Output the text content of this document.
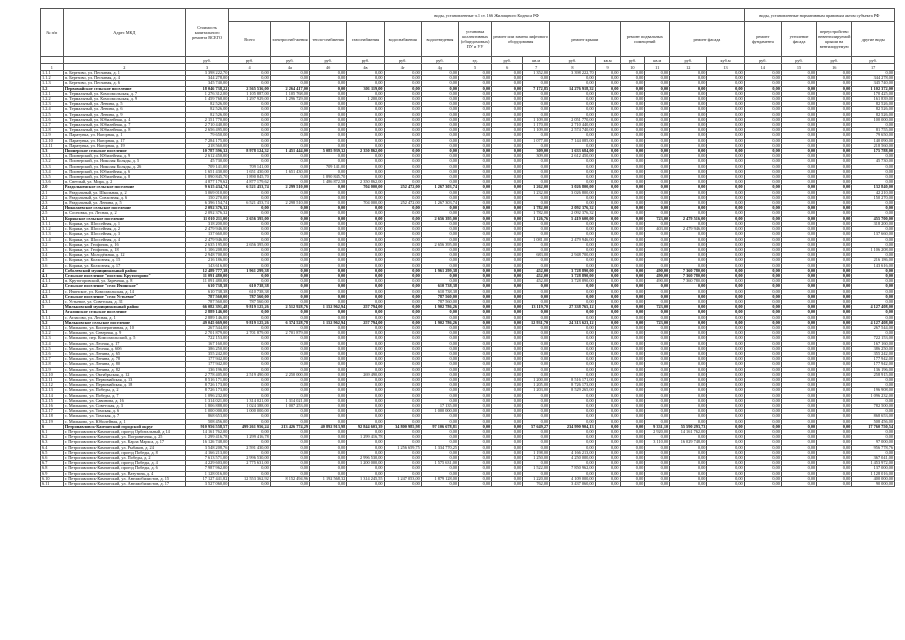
№ п/п	Адрес МКД	Стоимость капитального ремонта ВСЕГО	виды, установленные ч.1 ст. 166 Жилищного Кодекса РФ															виды, установленные нормативным правовым актом субъекта РФ			
			Всего	электроснаб-жения	тепло-снабжения	газоснабжения	водоснабжения	водоотведения	установка коллективных (общедомовых) ПУ и УУ	ремонт или замена лифтового оборудования		ремонт крыши		ремонт подвальных помещений		ремонт фасада		ремонт фундамента	утепление фасада	переустройство невентилируемой крыши на вентилируемую	другие виды
		руб.	руб.	руб.	руб.	руб.	руб.	руб.	ед.	руб.	кв.м	руб.	кв.м	руб.	кв.м	руб.	куб.м	руб.	руб.	руб.	руб.
1	2	3	4	4a	4б	4в	4г	4д	5	6	7	8	9	10	11	12	13	14	15	16	17
1.1.1	п. Березово, ул. Песчаная, д. 1	3 398 222,70	0,00	0,00	0,00	0,00	0,00	0,00	0,00	0,00	1 352,00	3 398 222,70	0,00	0,00	0,00	0,00	0,00	0,00	0,00	0,00	0,00
1.1.2	п. Березово, ул. Песчаная, д. 4	344 278,00	0,00	0,00	0,00	0,00	0,00	0,00	0,00	0,00	0,00	0,00	0,00	0,00	0,00	0,00	0,00	0,00	0,00	0,00	344 278,00
1.1.3	п. Березово, ул. Песчаная, д. 6	345 740,00	0,00	0,00	0,00	0,00	0,00	0,00	0,00	0,00	0,00	0,00	0,00	0,00	0,00	0,00	0,00	0,00	0,00	0,00	345 740,00
1.2	Первомайское сельское поселение	18 046 738,22	2 565 536,00	2 264 417,00	0,00	301 119,00	0,00	0,00	0,00	0,00	7 172,85	14 276 918,32	0,00	0,00	0,00	0,00	0,00	0,00	0,00	0,00	1 102 372,00
1.2.1	п. Термальный, ул. Комсомольская, д. 7	1 276 312,00	1 105 887,00	1 105 768,00	0,00	0,00	0,00	0,00	0,00	0,00	0,00	0,00	0,00	0,00	0,00	0,00	0,00	0,00	0,00	0,00	170 425,00
1.2.2	п. Термальный, ул. Комсомольская, д. 9	1 459 768,00	1 297 929,00	1 296 729,00	0,00	1 200,00	0,00	0,00	0,00	0,00	0,00	0,00	0,00	0,00	0,00	0,00	0,00	0,00	0,00	0,00	161 839,00
1.2.3	п. Термальный, ул. Ленина, д. 5	82 526,00	0,00	0,00	0,00	0,00	0,00	0,00	0,00	0,00	0,00	0,00	0,00	0,00	0,00	0,00	0,00	0,00	0,00	0,00	82 526,00
1.2.4	п. Термальный, ул. Ленина, д. 6	82 526,00	0,00	0,00	0,00	0,00	0,00	0,00	0,00	0,00	0,00	0,00	0,00	0,00	0,00	0,00	0,00	0,00	0,00	0,00	82 526,00
1.2.5	п. Термальный, ул. Ленина, д. 9	82 526,00	0,00	0,00	0,00	0,00	0,00	0,00	0,00	0,00	0,00	0,00	0,00	0,00	0,00	0,00	0,00	0,00	0,00	0,00	82 526,00
1.2.6	п. Термальный, ул. Юбилейная, д. 4	2 151 770,00	0,00	0,00	0,00	0,00	0,00	0,00	0,00	0,00	1 109,00	2 051 770,00	0,00	0,00	0,00	0,00	0,00	0,00	0,00	0,00	100 000,00
1.2.7	п. Термальный, ул. Юбилейная, д. 7	2 710 440,00	0,00	0,00	0,00	0,00	0,00	0,00	0,00	0,00	1 170,00	2 710 440,00	0,00	0,00	0,00	0,00	0,00	0,00	0,00	0,00	0,00
1.2.8	п. Термальный, ул. Юбилейная, д. 8	2 656 495,00	0,00	0,00	0,00	0,00	0,00	0,00	0,00	0,00	1 109,00	2 574 740,00	0,00	0,00	0,00	0,00	0,00	0,00	0,00	0,00	81 755,00
1.2.9	п. Паратунка, ул. Нагорная, д. 1	79 650,00	0,00	0,00	0,00	0,00	0,00	0,00	0,00	0,00	0,00	0,00	0,00	0,00	0,00	0,00	0,00	0,00	0,00	0,00	79 650,00
1.2.10	п. Паратунка, ул. Нагорная, д. 17	7 284 175,00	0,00	0,00	0,00	0,00	0,00	0,00	0,00	0,00	1 077,00	7 144 085,00	0,00	0,00	0,00	0,00	0,00	0,00	0,00	0,00	140 090,00
1.2.11	п. Паратунка, ул. Нагорная, д. 19	218 560,00	0,00	0,00	0,00	0,00	0,00	0,00	0,00	0,00	0,00	0,00	0,00	0,00	0,00	0,00	0,00	0,00	0,00	0,00	218 560,00
1.3	Пионерское сельское поселение	10 787 596,32	8 978 124,32	1 451 444,00	5 085 939,32	2 350 862,00	0,00	0,00	0,00	0,00	309,00	1 633 684,00	0,00	0,00	0,00	0,00	0,00	0,00	0,00	0,00	175 788,00
1.3.1	п. Пионерский, ул. Юбилейная, д. 9	2 612 450,00	0,00	0,00	0,00	0,00	0,00	0,00	0,00	0,00	309,00	2 612 450,00	0,00	0,00	0,00	0,00	0,00	0,00	0,00	0,00	0,00
1.3.2	п. Пионерский, ул. Николая Коляды, д. 5	45 730,00	0,00	0,00	0,00	0,00	0,00	0,00	0,00	0,00	0,00	0,00	0,00	0,00	0,00	0,00	0,00	0,00	0,00	0,00	45 730,00
1.3.3	п. Пионерский, ул. Николая Коляды, д. 26	709 141,00	709 141,00	0,00	709 141,00	0,00	0,00	0,00	0,00	0,00	0,00	0,00	0,00	0,00	0,00	0,00	0,00	0,00	0,00	0,00	0,00
1.3.4	п. Пионерский, ул. Юбилейная, д. 6	1 651 430,00	1 651 430,00	1 651 430,00	0,00	0,00	0,00	0,00	0,00	0,00	0,00	0,00	0,00	0,00	0,00	0,00	0,00	0,00	0,00	0,00	0,00
1.3.5	п. Пионерский, ул. Юбилейная, д. 8	1 890 845,70	1 890 845,70	0,00	1 890 845,70	0,00	0,00	0,00	0,00	0,00	0,00	0,00	0,00	0,00	0,00	0,00	0,00	0,00	0,00	0,00	0,00
1.3.6	п. Светлый, ул. Мира, д. 2	4 877 179,62	4 877 179,62	0,00	1 486 872,58	2 350 862,00	0,00	0,00	0,00	0,00	0,00	0,00	0,00	0,00	0,00	0,00	0,00	0,00	0,00	0,00	0,00
2.0	Раздольненское сельское поселение	9 615 434,74	6 521 453,74	2 299 510,00	0,00	704 000,00	252 472,00	1 267 303,74	0,00	0,00	1 262,00	3 026 800,00	0,00	0,00	0,00	0,00	0,00	0,00	0,00	0,00	132 840,00
2.1	п. Раздольный, ул. Школьная, д. 2	3 069 010,00	0,00	0,00	0,00	0,00	0,00	0,00	0,00	0,00	1 232,00	3 026 800,00	0,00	0,00	0,00	0,00	0,00	0,00	0,00	0,00	42 210,00
2.2	п. Раздольный, ул. Совхозная, д. 6	150 270,00	0,00	0,00	0,00	0,00	0,00	0,00	0,00	0,00	0,00	0,00	0,00	0,00	0,00	0,00	0,00	0,00	0,00	0,00	150 270,00
2.3	п. Раздольный, ул. Ленина, д. 5	6 396 154,74	6 521 453,74	2 298 510,00	0,00	704 000,00	252 472,00	1 267 303,74	0,00	0,00	0,00	0,00	0,00	0,00	0,00	0,00	0,00	0,00	0,00	0,00	0,00
2.4	Николаевское сельское поселение	2 092 376,32	0,00	0,00	0,00	0,00	0,00	0,00	0,00	0,00	1 782,00	2 092 376,32	0,00	0,00	0,00	0,00	0,00	0,00	0,00	0,00	0,00
2.5	п. Сосновка, ул. Лесная, д. 2	2 092 376,32	0,00	0,00	0,00	0,00	0,00	0,00	0,00	0,00	1 782,00	2 092 376,32	0,00	0,00	0,00	0,00	0,00	0,00	0,00	0,00	0,00
3.1	Корякское сельское поселение	11 010 211,00	2 656 395,00	0,00	0,00	0,00	0,00	2 656 395,00	0,00	0,00	1 126,76	5 419 600,00	0,00	0,00	723,00	2 479 516,00	0,00	0,00	0,00	0,00	455 700,00
3.1.1	с. Коряки, ул. Шоссейная, д. 1	318 200,00	0,00	0,00	0,00	0,00	0,00	0,00	0,00	0,00	0,00	0,00	0,00	0,00	0,00	0,00	0,00	0,00	0,00	0,00	318 200,00
3.1.2	с. Коряки, ул. Шоссейная, д. 2	2 479 946,00	0,00	0,00	0,00	0,00	0,00	0,00	0,00	0,00	0,00	0,00	0,00	0,00	403,00	2 479 946,00	0,00	0,00	0,00	0,00	0,00
3.1.3	с. Коряки, ул. Шоссейная, д. 3	137 660,00	0,00	0,00	0,00	0,00	0,00	0,00	0,00	0,00	0,00	0,00	0,00	0,00	0,00	0,00	0,00	0,00	0,00	0,00	137 660,00
3.1.4	с. Коряки, ул. Шоссейная, д. 4	2 479 946,00	0,00	0,00	0,00	0,00	0,00	0,00	0,00	0,00	1 081,00	2 479 946,00	0,00	0,00	0,00	0,00	0,00	0,00	0,00	0,00	0,00
3.2	с. Коряки, ул. Геофизик, д. 16	2 635 195,00	2 656 395,00	0,00	0,00	0,00	0,00	2 656 395,00	0,00	0,00	0,00	0,00	0,00	0,00	0,00	0,00	0,00	0,00	0,00	0,00	0,00
3.3	с. Коряки, ул. Геофизик, д. 18	1 106 208,00	0,00	0,00	0,00	0,00	0,00	0,00	0,00	0,00	0,00	0,00	0,00	0,00	0,00	0,00	0,00	0,00	0,00	0,00	1 106 208,00
3.4	с. Коряки, ул. Молодёжная, д. 12	2 948 700,00	0,00	0,00	0,00	0,00	0,00	0,00	0,00	0,00	683,00	2 948 700,00	0,00	0,00	0,00	0,00	0,00	0,00	0,00	0,00	0,00
3.5	с. Коряки, ул. Колхозная, д. 15	216 186,00	0,00	0,00	0,00	0,00	0,00	0,00	0,00	0,00	0,00	0,00	0,00	0,00	0,00	0,00	0,00	0,00	0,00	0,00	216 186,00
3.6	с. Коряки, ул. Колхозная, д. 17	143 616,00	0,00	0,00	0,00	0,00	0,00	0,00	0,00	0,00	0,00	0,00	0,00	0,00	0,00	0,00	0,00	0,00	0,00	0,00	143 616,00
4	Соболевский муниципальный район	12 489 777,38	1 961 299,38	0,00	0,00	0,00	0,00	1 961 299,38	0,00	0,00	452,00	3 728 890,00	0,00	0,00	490,00	7 360 780,00	0,00	0,00	0,00	0,00	0,00
4.1	Сельское поселение "поселок Крутогорово"	11 091 480,00	0,00	0,00	0,00	0,00	0,00	0,00	0,00	0,00	452,00	3 728 890,00	0,00	0,00	490,00	7 360 780,00	0,00	0,00	0,00	0,00	0,00
4.1.1	п. Крутогоровский, ул. Заречная, д. 8	11 091 480,00	0,00	0,00	0,00	0,00	0,00	0,00	0,00	0,00	452,00	3 728 890,00	0,00	0,00	490,00	7 360 780,00	0,00	0,00	0,00	0,00	0,00
4.2	Сельское поселение "село Ичинское"	610 738,38	610 738,38	0,00	0,00	0,00	0,00	610 738,38	0,00	0,00	0,00	0,00	0,00	0,00	0,00	0,00	0,00	0,00	0,00	0,00	0,00
4.2.1	с. Ичинское, ул. Комсомольская, д. 14	610 738,38	610 738,38	0,00	0,00	0,00	0,00	610 738,38	0,00	0,00	0,00	0,00	0,00	0,00	0,00	0,00	0,00	0,00	0,00	0,00	0,00
4.3	Сельское поселение "село Устьевое"	787 560,00	787 560,00	0,00	0,00	0,00	0,00	787 560,00	0,00	0,00	0,00	0,00	0,00	0,00	0,00	0,00	0,00	0,00	0,00	0,00	0,00
4.3.1	с. Устьевое, ул. Советская, д. 31	787 560,00	787 560,00	0,00	0,00	0,00	0,00	787 560,00	0,00	0,00	0,00	0,00	0,00	0,00	0,00	0,00	0,00	0,00	0,00	0,00	0,00
5	Мильковский муниципальный район	66 082 391,48	9 819 125,26	2 512 928,76	1 152 962,94	257 794,00	0,00	1 902 786,26	0,00	0,00	13 119,70	27 338 765,12	0,00	0,00	723,00	0,00	0,00	0,00	0,00	0,00	4 127 408,00
5.1	Аталинское сельское поселение	2 889 146,00	0,00	0,00	0,00	0,00	0,00	0,00	0,00	0,00	0,00	0,00	0,00	0,00	0,00	0,00	0,00	0,00	0,00	0,00	0,00
5.1.1	с. Атласово, ул. Лесная, д. 1	2 889 146,00	0,00	0,00	0,00	0,00	0,00	0,00	0,00	0,00	0,00	0,00	0,00	0,00	0,00	0,00	0,00	0,00	0,00	0,00	0,00
5.2	Мильковское сельское поселение	49 045 669,00	9 819 125,26	6 374 528,78	1 152 962,94	257 794,00	0,00	1 902 786,26	0,00	0,00	12 931,70	24 313 623,12	0,00	0,00	723,00	0,00	0,00	0,00	0,00	0,00	4 127 408,00
5.2.1	с. Мильково, ул. Кооперативная, д. 10	267 544,00	0,00	0,00	0,00	0,00	0,00	0,00	0,00	0,00	0,00	0,00	0,00	0,00	0,00	0,00	0,00	0,00	0,00	0,00	267 544,00
5.2.2	с. Мильково, ул. Северная, д. 9	2 701 879,00	2 701 879,00	2 701 879,00	0,00	0,00	0,00	0,00	0,00	0,00	0,00	0,00	0,00	0,00	0,00	0,00	0,00	0,00	0,00	0,00	0,00
5.2.3	с. Мильково, пер. Комсомольский, д. 5	722 153,00	0,00	0,00	0,00	0,00	0,00	0,00	0,00	0,00	0,00	0,00	0,00	0,00	0,00	0,00	0,00	0,00	0,00	0,00	722 153,00
5.2.4	с. Мильково, ул. Лесная, д. 17	167 160,00	0,00	0,00	0,00	0,00	0,00	0,00	0,00	0,00	0,00	0,00	0,00	0,00	0,00	0,00	0,00	0,00	0,00	0,00	167 160,00
5.2.5	с. Мильково, ул. Лесная, д. 60б	386 250,00	0,00	0,00	0,00	0,00	0,00	0,00	0,00	0,00	0,00	0,00	0,00	0,00	0,00	0,00	0,00	0,00	0,00	0,00	386 250,00
5.2.6	с. Мильково, ул. Ленина, д. 65	355 242,00	0,00	0,00	0,00	0,00	0,00	0,00	0,00	0,00	0,00	0,00	0,00	0,00	0,00	0,00	0,00	0,00	0,00	0,00	355 242,00
5.2.7	с. Мильково, ул. Ленина, д. 78	177 942,00	0,00	0,00	0,00	0,00	0,00	0,00	0,00	0,00	0,00	0,00	0,00	0,00	0,00	0,00	0,00	0,00	0,00	0,00	177 942,00
5.2.8	с. Мильково, ул. Ленина, д. 80	177 942,00	0,00	0,00	0,00	0,00	0,00	0,00	0,00	0,00	0,00	0,00	0,00	0,00	0,00	0,00	0,00	0,00	0,00	0,00	177 942,00
5.2.9	с. Мильково, ул. Ленина, д. 82	136 196,00	0,00	0,00	0,00	0,00	0,00	0,00	0,00	0,00	0,00	0,00	0,00	0,00	0,00	0,00	0,00	0,00	0,00	0,00	136 196,00
5.2.10	с. Мильково, ул. Октябрьская, д. 12	2 778 405,00	2 519 490,00	2 250 000,00	0,00	269 490,00	0,00	0,00	0,00	0,00	0,00	0,00	0,00	0,00	0,00	0,00	0,00	0,00	0,00	0,00	258 915,00
5.2.11	с. Мильково, ул. Первомайская, д. 13	8 516 171,00	0,00	0,00	0,00	0,00	0,00	0,00	0,00	0,00	1 200,00	8 516 171,00	0,00	0,00	0,00	0,00	0,00	0,00	0,00	0,00	0,00
5.2.12	с. Мильково, ул. Первомайская, д. 18	8 726 173,00	0,00	0,00	0,00	0,00	0,00	0,00	0,00	0,00	1 205,00	8 726 173,00	0,00	0,00	0,00	0,00	0,00	0,00	0,00	0,00	0,00
5.2.13	с. Мильково, ул. Победы, д. 2	8 726 173,00	0,00	0,00	0,00	0,00	0,00	0,00	0,00	0,00	1 203,00	8 529 265,00	0,00	0,00	0,00	0,00	0,00	0,00	0,00	0,00	196 908,00
5.2.14	с. Мильково, ул. Победы, д. 7	1 096 232,00	0,00	0,00	0,00	0,00	0,00	0,00	0,00	0,00	0,00	0,00	0,00	0,00	0,00	0,00	0,00	0,00	0,00	0,00	1 096 232,00
5.2.15	с. Мильково, ул. Савинова, д. 16	1 314 021,00	1 314 021,00	1 314 021,00	0,00	0,00	0,00	0,00	0,00	0,00	0,00	0,00	0,00	0,00	0,00	0,00	0,00	0,00	0,00	0,00	0,00
5.2.16	с. Мильково, ул. Советская, д. 3	1 806 888,00	1 024 388,00	1 007 253,00	0,00	0,00	0,00	17 135,00	0,00	0,00	0,00	0,00	0,00	0,00	0,00	0,00	0,00	0,00	0,00	0,00	782 500,00
5.2.17	с. Мильково, ул. Томская, д. 6	1 000 000,00	1 000 000,00	0,00	0,00	0,00	0,00	1 000 000,00	0,00	0,00	0,00	0,00	0,00	0,00	0,00	0,00	0,00	0,00	0,00	0,00	0,00
5.2.18	с. Мильково, ул. Томская, д. 7	868 653,00	0,00	0,00	0,00	0,00	0,00	0,00	0,00	0,00	0,00	0,00	0,00	0,00	0,00	0,00	0,00	0,00	0,00	0,00	868 653,00
5.2.19	с. Мильково, ул. Юбилейная, д. 1	508 456,00	0,00	0,00	0,00	0,00	0,00	0,00	0,00	0,00	0,00	0,00	0,00	0,00	0,00	0,00	0,00	0,00	0,00	0,00	508 456,00
6	Петропавловск-Камчатский городской округ	910 956 558,57	499 261 956,24	213 426 774,29	40 892 913,98	92 844 603,39	34 800 985,98	97 106 678,81	0,00	0,00	57 649,27	234 990 904,13	0,00	0,00	9 331,10	55 590 293,73	0,00	0,00	0,00	0,00	17 760 750,54
6.1	г. Петропавловск-Камчатский, проезд Орбитальный, д 14	14 161 762,00	0,00	0,00	0,00	0,00	0,00	0,00	0,00	0,00	0,00	0,00	0,00	0,00	2 920,00	14 161 762,00	0,00	0,00	0,00	0,00	0,00
6.2	г. Петропавловск-Камчатский, ул. Пограничная, д. 25	1 299 416,78	1 299 416,78	0,00	0,00	1 299 416,78	0,00	0,00	0,00	0,00	0,00	0,00	0,00	0,00	0,00	0,00	0,00	0,00	0,00	0,00	0,00
6.3	г. Петропавловск-Камчатский, ул. Карла Маркса, д. 17	16 126 748,00	0,00	0,00	0,00	0,00	0,00	0,00	0,00	0,00	0,00	0,00	0,00	0,00	3 110,00	16 029 748,00	0,00	0,00	0,00	0,00	97 000,00
6.4	г. Петропавловск-Камчатский, ул. Рыбаков, д. 24	3 548 208,76	2 591 430,00	0,00	0,00	0,00	1 256 659,75	1 334 770,25	0,00	0,00	0,00	0,00	0,00	0,00	0,00	0,00	0,00	0,00	0,00	0,00	956 778,76
6.5	г. Петропавловск-Камчатский, проезд Победы, д. 8	4 166 213,00	0,00	0,00	0,00	0,00	0,00	0,00	0,00	0,00	1 198,00	4 166 213,00	0,00	0,00	0,00	0,00	0,00	0,00	0,00	0,00	0,00
6.6	г. Петропавловск-Камчатский, ул. Победы, д. 2	7 613 571,00	2 996 530,00	0,00	0,00	2 996 530,00	0,00	0,00	0,00	0,00	1 250,00	4 250 000,00	0,00	0,00	0,00	0,00	0,00	0,00	0,00	0,00	367 041,00
6.7	г. Петропавловск-Камчатский, проезд Победы, д. 4	4 229 603,00	2 775 631,00	0,00	0,00	1 200 000,00	0,00	1 575 631,00	0,00	0,00	0,00	0,00	0,00	0,00	0,00	0,00	0,00	0,00	0,00	0,00	1 453 972,00
6.8	г. Петропавловск-Камчатский, проезд Победы, д. 6	7 987 962,00	0,00	0,00	0,00	0,00	0,00	0,00	0,00	0,00	1 522,00	7 850 962,00	0,00	0,00	0,00	0,00	0,00	0,00	0,00	0,00	137 000,00
6.9	г. Петропавловск-Камчатский, ул. Ватутина, д. 4	1 128 016,00	0,00	0,00	0,00	0,00	0,00	0,00	0,00	0,00	0,00	0,00	0,00	0,00	0,00	0,00	0,00	0,00	0,00	0,00	1 128 016,00
6.10	г. Петропавловск-Камчатский, ул. Автомобилистов, д. 15	17 127 441,82	12 553 362,92	8 152 494,96	1 192 568,32	1 314 245,55	1 247 053,00	1 879 128,00	0,00	0,00	1 220,00	4 109 000,00	0,00	0,00	0,00	0,00	0,00	0,00	0,00	0,00	400 000,00
6.11	г. Петропавловск-Камчатский, ул. Автомобилистов, д. 17	3 527 060,00	0,00	0,00	0,00	0,00	0,00	0,00	0,00	0,00	762,00	3 437 060,00	0,00	0,00	0,00	0,00	0,00	0,00	0,00	0,00	90 000,00
